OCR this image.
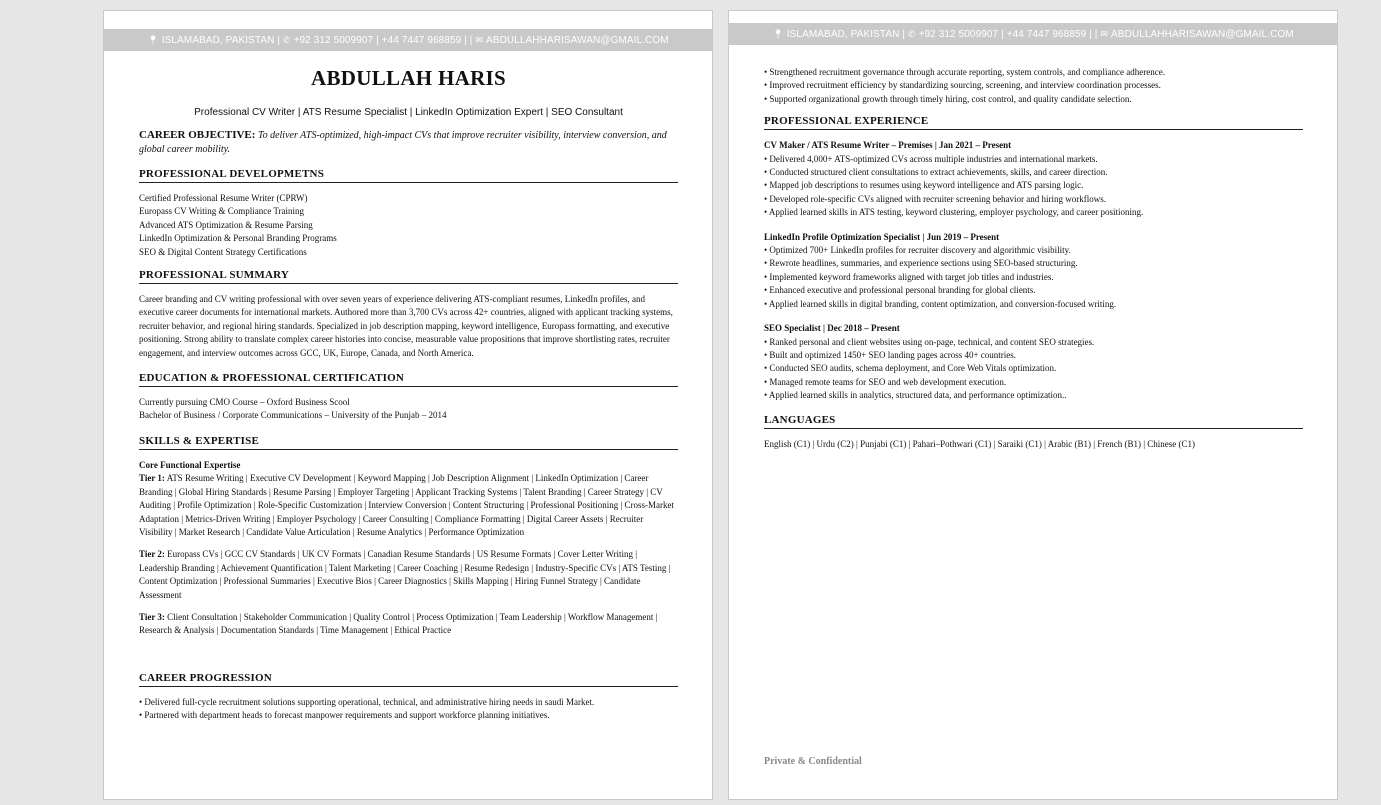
📍︎ ISLAMABAD, PAKISTAN | ✆ +92 312 5009907 | +44 7447 968859 | | ✉ ABDULLAHHARISAWAN@GMAIL.COM
ABDULLAH HARIS
Professional CV Writer | ATS Resume Specialist | LinkedIn Optimization Expert | SEO Consultant
CAREER OBJECTIVE: To deliver ATS-optimized, high-impact CVs that improve recruiter visibility, interview conversion, and global career mobility.
PROFESSIONAL DEVELOPMETNS
Certified Professional Resume Writer (CPRW)
Europass CV Writing & Compliance Training
Advanced ATS Optimization & Resume Parsing
LinkedIn Optimization & Personal Branding Programs
SEO & Digital Content Strategy Certifications
PROFESSIONAL SUMMARY
Career branding and CV writing professional with over seven years of experience delivering ATS-compliant resumes, LinkedIn profiles, and executive career documents for international markets. Authored more than 3,700 CVs across 42+ countries, aligned with applicant tracking systems, recruiter behavior, and regional hiring standards. Specialized in job description mapping, keyword intelligence, Europass formatting, and executive positioning. Strong ability to translate complex career histories into concise, measurable value propositions that improve shortlisting rates, recruiter engagement, and interview outcomes across GCC, UK, Europe, Canada, and North America.
EDUCATION & PROFESSIONAL CERTIFICATION
Currently pursuing CMO Course – Oxford Business Scool
Bachelor of Business / Corporate Communications – University of the Punjab – 2014
SKILLS & EXPERTISE
Core Functional Expertise
Tier 1: ATS Resume Writing | Executive CV Development | Keyword Mapping | Job Description Alignment | LinkedIn Optimization | Career Branding | Global Hiring Standards | Resume Parsing | Employer Targeting | Applicant Tracking Systems | Talent Branding | Career Strategy | CV Auditing | Profile Optimization | Role-Specific Customization | Interview Conversion | Content Structuring | Professional Positioning | Cross-Market Adaptation | Metrics-Driven Writing | Employer Psychology | Career Consulting | Compliance Formatting | Digital Career Assets | Recruiter Visibility | Market Research | Candidate Value Articulation | Resume Analytics | Performance Optimization
Tier 2: Europass CVs | GCC CV Standards | UK CV Formats | Canadian Resume Standards | US Resume Formats | Cover Letter Writing | Leadership Branding | Achievement Quantification | Talent Marketing | Career Coaching | Resume Redesign | Industry-Specific CVs | ATS Testing | Content Optimization | Professional Summaries | Executive Bios | Career Diagnostics | Skills Mapping | Hiring Funnel Strategy | Candidate Assessment
Tier 3: Client Consultation | Stakeholder Communication | Quality Control | Process Optimization | Team Leadership | Workflow Management | Research & Analysis | Documentation Standards | Time Management | Ethical Practice
CAREER PROGRESSION
• Delivered full-cycle recruitment solutions supporting operational, technical, and administrative hiring needs in saudi Market.
• Partnered with department heads to forecast manpower requirements and support workforce planning initiatives.
📍︎ ISLAMABAD, PAKISTAN | ✆ +92 312 5009907 | +44 7447 968859 | | ✉ ABDULLAHHARISAWAN@GMAIL.COM
• Strengthened recruitment governance through accurate reporting, system controls, and compliance adherence.
• Improved recruitment efficiency by standardizing sourcing, screening, and interview coordination processes.
• Supported organizational growth through timely hiring, cost control, and quality candidate selection.
PROFESSIONAL EXPERIENCE
CV Maker / ATS Resume Writer – Premises | Jan 2021 – Present
• Delivered 4,000+ ATS-optimized CVs across multiple industries and international markets.
• Conducted structured client consultations to extract achievements, skills, and career direction.
• Mapped job descriptions to resumes using keyword intelligence and ATS parsing logic.
• Developed role-specific CVs aligned with recruiter screening behavior and hiring workflows.
• Applied learned skills in ATS testing, keyword clustering, employer psychology, and career positioning.
LinkedIn Profile Optimization Specialist | Jun 2019 – Present
• Optimized 700+ LinkedIn profiles for recruiter discovery and algorithmic visibility.
• Rewrote headlines, summaries, and experience sections using SEO-based structuring.
• Implemented keyword frameworks aligned with target job titles and industries.
• Enhanced executive and professional personal branding for global clients.
• Applied learned skills in digital branding, content optimization, and conversion-focused writing.
SEO Specialist | Dec 2018 – Present
• Ranked personal and client websites using on-page, technical, and content SEO strategies.
• Built and optimized 1450+ SEO landing pages across 40+ countries.
• Conducted SEO audits, schema deployment, and Core Web Vitals optimization.
• Managed remote teams for SEO and web development execution.
• Applied learned skills in analytics, structured data, and performance optimization..
LANGUAGES
English (C1) | Urdu (C2) | Punjabi (C1) | Pahari–Pothwari (C1) | Saraiki (C1) | Arabic (B1) | French (B1) | Chinese (C1)
Private & Confidential
